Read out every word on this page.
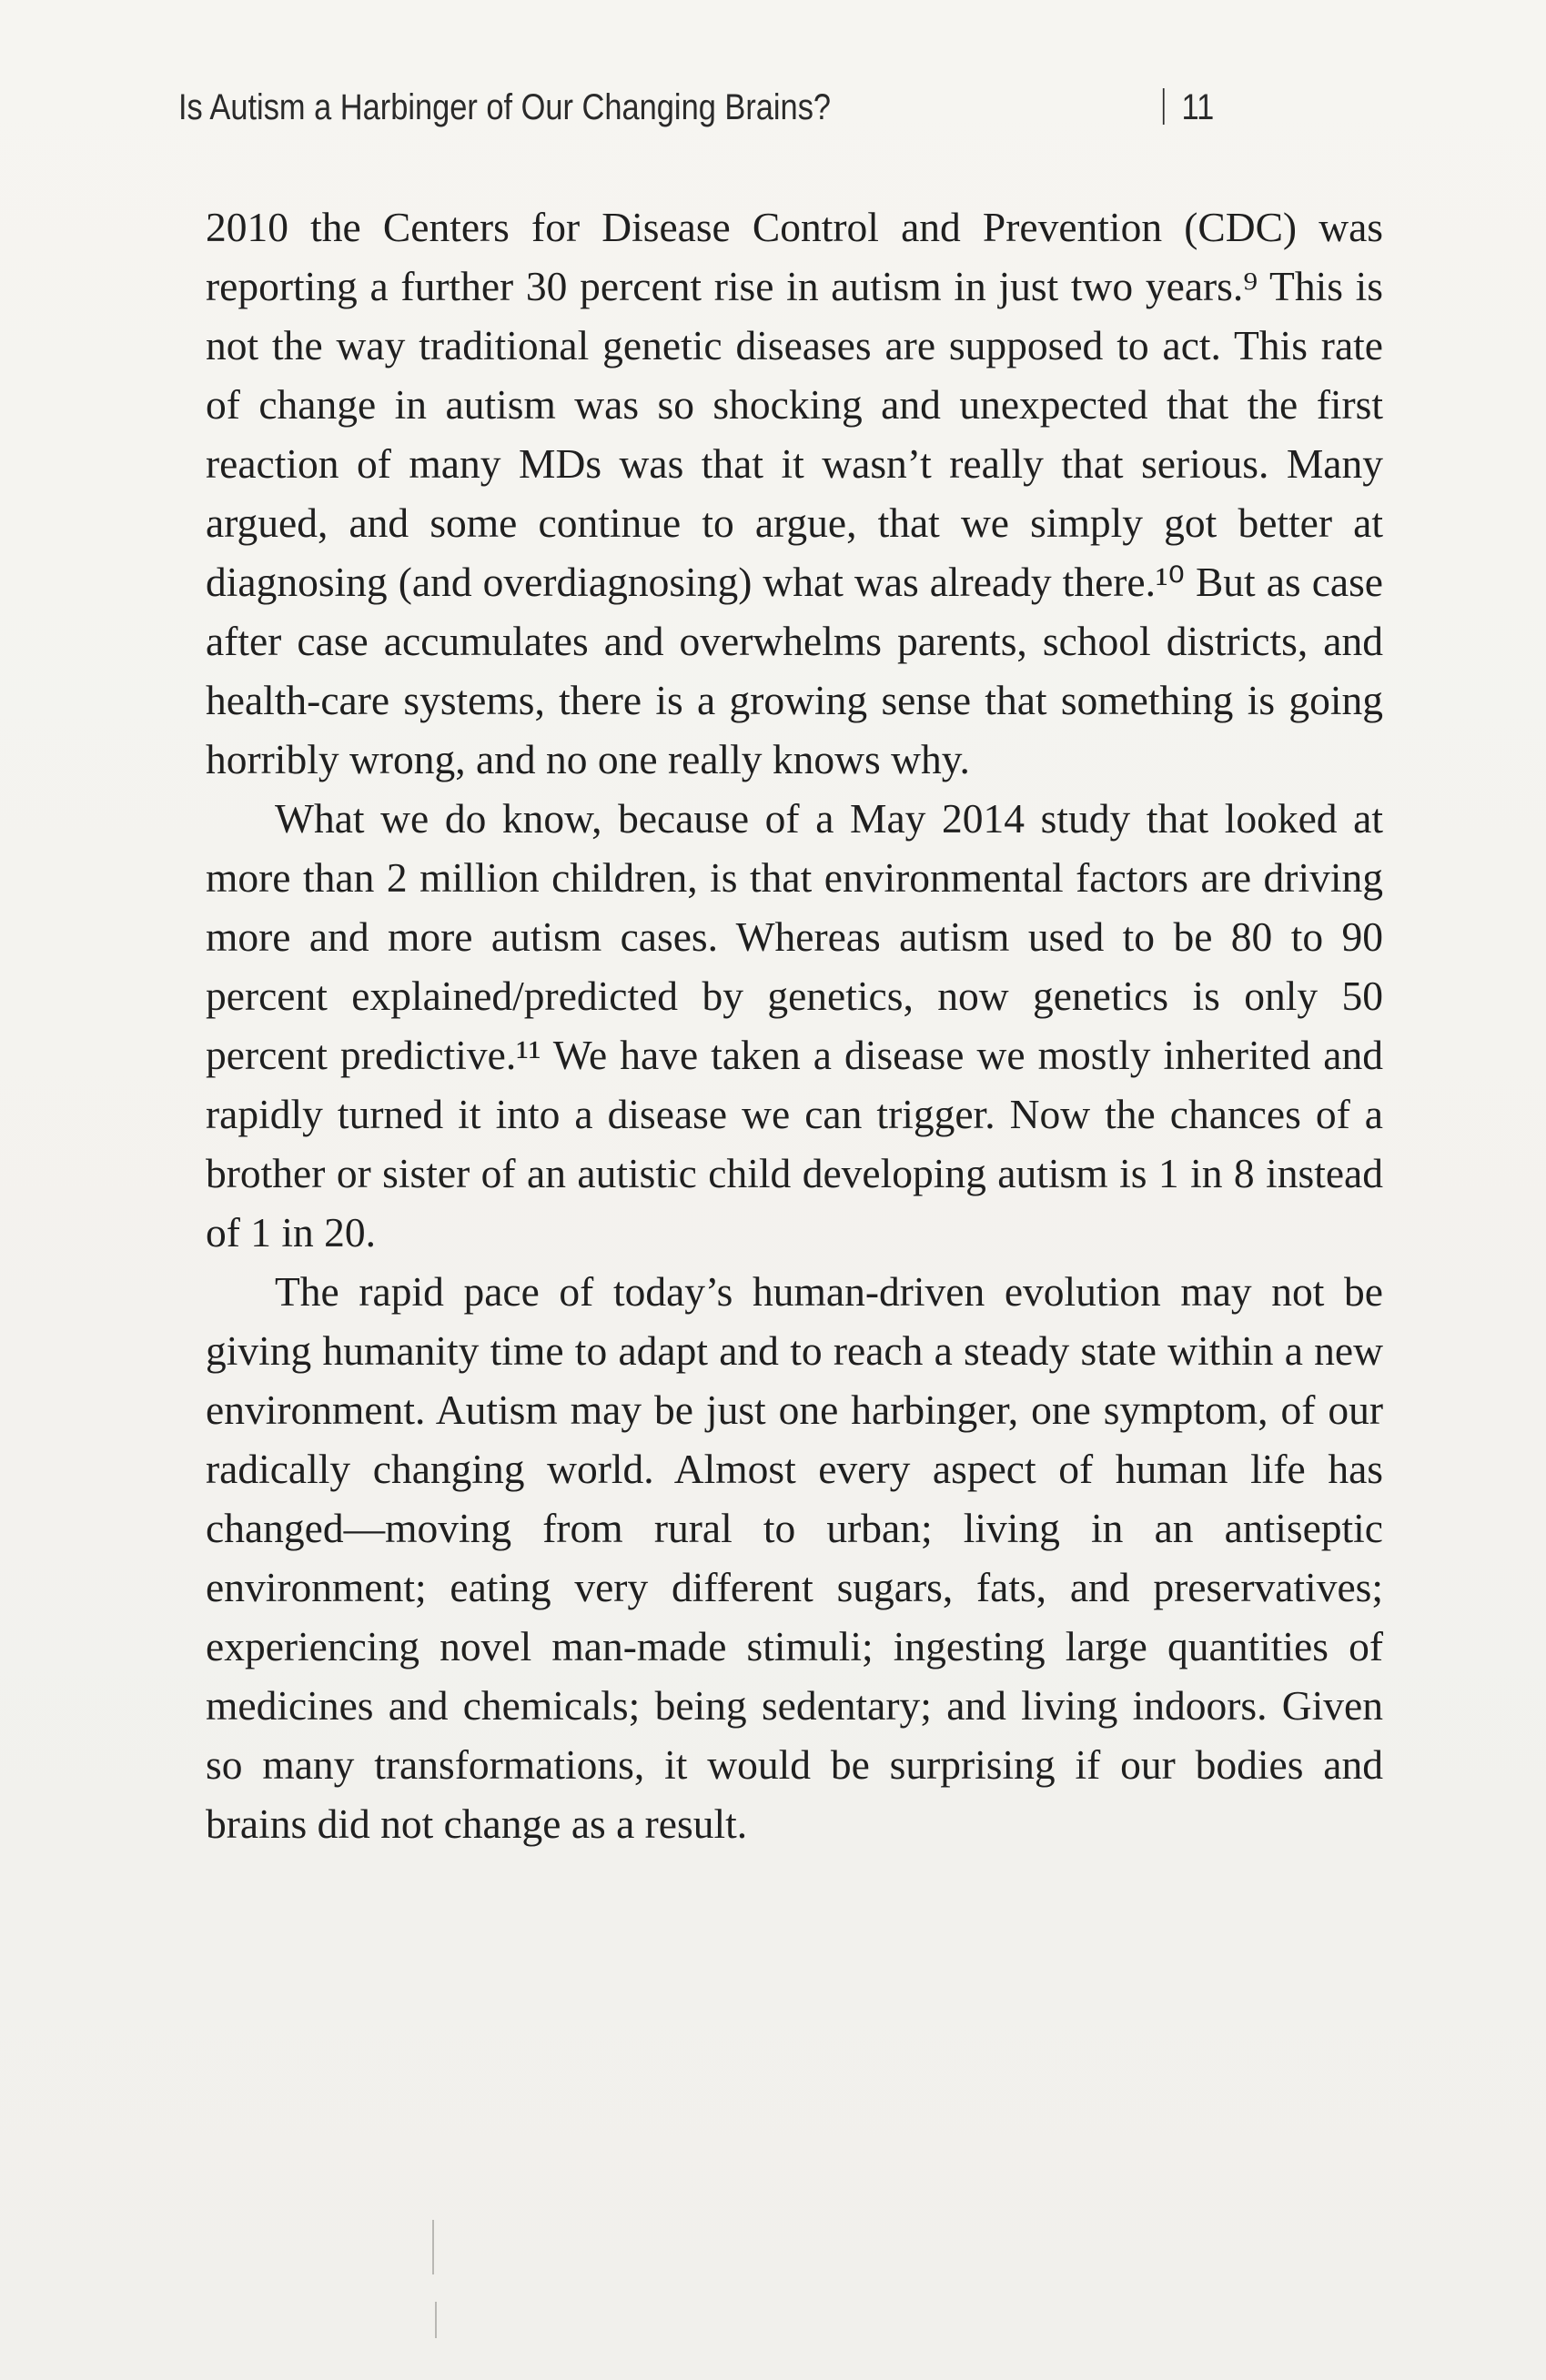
Is Autism a Harbinger of Our Changing Brains?	11

2010 the Centers for Disease Control and Prevention (CDC) was reporting a further 30 percent rise in autism in just two years.⁹ This is not the way traditional genetic diseases are supposed to act. This rate of change in autism was so shocking and unexpected that the first reaction of many MDs was that it wasn’t really that serious. Many argued, and some continue to argue, that we simply got better at diagnosing (and overdiagnosing) what was already there.¹⁰ But as case after case accumulates and overwhelms parents, school districts, and health-care systems, there is a growing sense that something is going horribly wrong, and no one really knows why.

What we do know, because of a May 2014 study that looked at more than 2 million children, is that environmental factors are driving more and more autism cases. Whereas autism used to be 80 to 90 percent explained/predicted by genetics, now genetics is only 50 percent predictive.¹¹ We have taken a disease we mostly inherited and rapidly turned it into a disease we can trigger. Now the chances of a brother or sister of an autistic child developing autism is 1 in 8 instead of 1 in 20.

The rapid pace of today’s human-driven evolution may not be giving humanity time to adapt and to reach a steady state within a new environment. Autism may be just one harbinger, one symptom, of our radically changing world. Almost every aspect of human life has changed—moving from rural to urban; living in an antiseptic environment; eating very different sugars, fats, and preservatives; experiencing novel man-made stimuli; ingesting large quantities of medicines and chemicals; being sedentary; and living indoors. Given so many transformations, it would be surprising if our bodies and brains did not change as a result.
